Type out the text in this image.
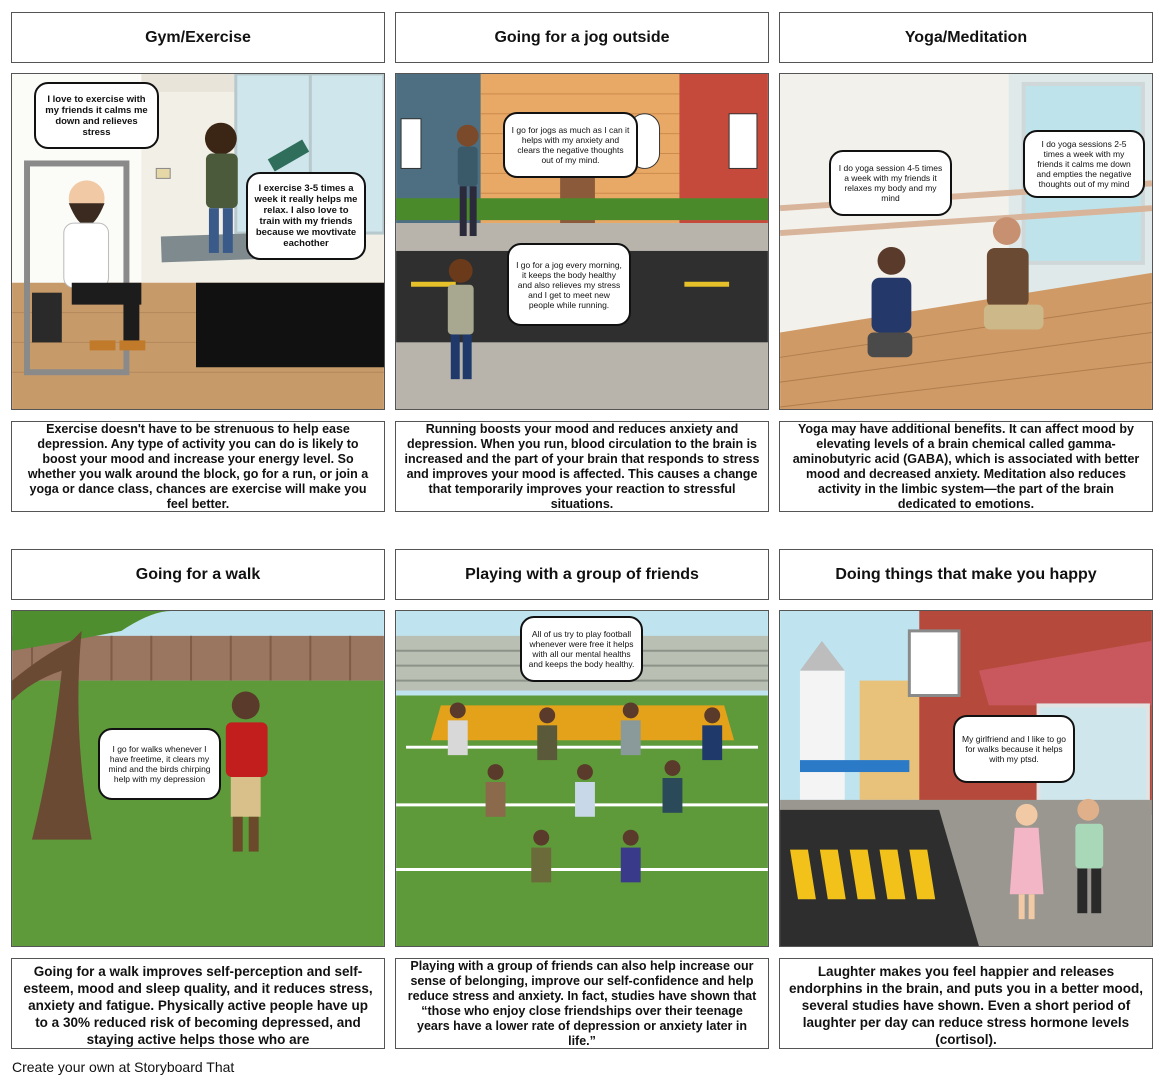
Gym/Exercise	Going for a jog outside	Yoga/Meditation
I love to exercise with my friends it calms me down and relieves stress
I exercise 3-5 times a week it really helps me relax. I also love to train with my friends because we movtivate eachother
I go for jogs as much as I can it helps with my anxiety and clears the negative thoughts out of my mind.
I go for a jog every morning, it keeps the body healthy and also relieves my stress and I get to meet new people while running.
I do yoga session 4-5 times a week with my friends it relaxes my body and my mind
I do yoga sessions 2-5 times a week with my friends it calms me down and empties the negative thoughts out of my mind
Exercise doesn't have to be strenuous to help ease depression. Any type of activity you can do is likely to boost your mood and increase your energy level. So whether you walk around the block, go for a run, or join a yoga or dance class, chances are exercise will make you feel better.
Running boosts your mood and reduces anxiety and depression. When you run, blood circulation to the brain is increased and the part of your brain that responds to stress and improves your mood is affected. This causes a change that temporarily improves your reaction to stressful situations.
Yoga may have additional benefits. It can affect mood by elevating levels of a brain chemical called gamma-aminobutyric acid (GABA), which is associated with better mood and decreased anxiety. Meditation also reduces activity in the limbic system—the part of the brain dedicated to emotions.
Going for a walk	Playing with a group of friends	Doing things that make you happy
I go for walks whenever I have freetime, it clears my mind and the birds chirping help with my depression
All of us try to play football whenever were free it helps with all our mental healths and keeps the body healthy.
My girlfriend and I like to go for walks because it helps with my ptsd.
Going for a walk improves self-perception and self-esteem, mood and sleep quality, and it reduces stress, anxiety and fatigue. Physically active people have up to a 30% reduced risk of becoming depressed, and staying active helps those who are
Playing with a group of friends can also help increase our sense of belonging, improve our self-confidence and help reduce stress and anxiety. In fact, studies have shown that “those who enjoy close friendships over their teenage years have a lower rate of depression or anxiety later in life.”
Laughter makes you feel happier and releases endorphins in the brain, and puts you in a better mood, several studies have shown. Even a short period of laughter per day can reduce stress hormone levels (cortisol).
Create your own at Storyboard That
